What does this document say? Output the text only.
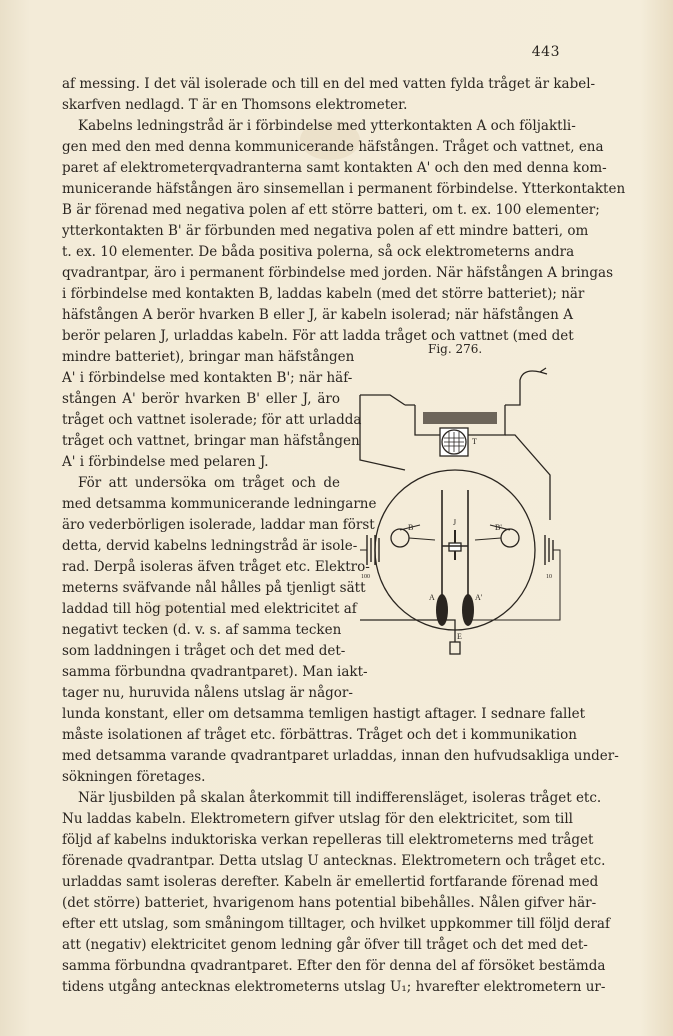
443
af messing. I det väl isolerade och till en del med vatten fylda tråget är kabel-
skarfven nedlagd. T är en Thomsons elektrometer.
Kabelns ledningstråd är i förbindelse med ytterkontakten A och följaktli-
gen med den med denna kommunicerande häfstången. Tråget och vattnet, ena
paret af elektrometerqvadranterna samt kontakten A' och den med denna kom-
municerande häfstången äro sinsemellan i permanent förbindelse. Ytterkontakten
B är förenad med negativa polen af ett större batteri, om t. ex. 100 elementer;
ytterkontakten B' är förbunden med negativa polen af ett mindre batteri, om
t. ex. 10 elementer. De båda positiva polerna, så ock elektrometerns andra
qvadrantpar, äro i permanent förbindelse med jorden. När häfstången A bringas
i förbindelse med kontakten B, laddas kabeln (med det större batteriet); när
häfstången A berör hvarken B eller J, är kabeln isolerad; när häfstången A
berör pelaren J, urladdas kabeln. För att ladda tråget och vattnet (med det
mindre batteriet), bringar man häfstången
A' i förbindelse med kontakten B'; när häf-
stången A' berör hvarken B' eller J, äro
tråget och vattnet isolerade; för att urladda
tråget och vattnet, bringar man häfstången
A' i förbindelse med pelaren J.
För att undersöka om tråget och de
med detsamma kommunicerande ledningarne
äro vederbörligen isolerade, laddar man först
detta, dervid kabelns ledningstråd är isole-
rad. Derpå isoleras äfven tråget etc. Elektro-
meterns sväfvande nål hålles på tjenligt sätt
laddad till hög potential med elektricitet af
negativt tecken (d. v. s. af samma tecken
som laddningen i tråget och det med det-
samma förbundna qvadrantparet). Man iakt-
tager nu, huruvida nålens utslag är någor-
lunda konstant, eller om detsamma temligen hastigt aftager. I sednare fallet
måste isolationen af tråget etc. förbättras. Tråget och det i kommunikation
med detsamma varande qvadrantparet urladdas, innan den hufvudsakliga under-
sökningen företages.
När ljusbilden på skalan återkommit till indifferensläget, isoleras tråget etc.
Nu laddas kabeln. Elektrometern gifver utslag för den elektricitet, som till
följd af kabelns induktoriska verkan repelleras till elektrometerns med tråget
förenade qvadrantpar. Detta utslag U antecknas. Elektrometern och tråget etc.
urladdas samt isoleras derefter. Kabeln är emellertid fortfarande förenad med
(det större) batteriet, hvarigenom hans potential bibehålles. Nålen gifver här-
efter ett utslag, som småningom tilltager, och hvilket uppkommer till följd deraf
att (negativ) elektricitet genom ledning går öfver till tråget och det med det-
samma förbundna qvadrantparet. Efter den för denna del af försöket bestämda
tidens utgång antecknas elektrometerns utslag U₁; hvarefter elektrometern ur-
Fig. 276.
T
J
B	B'
A	A'
E
100	10
